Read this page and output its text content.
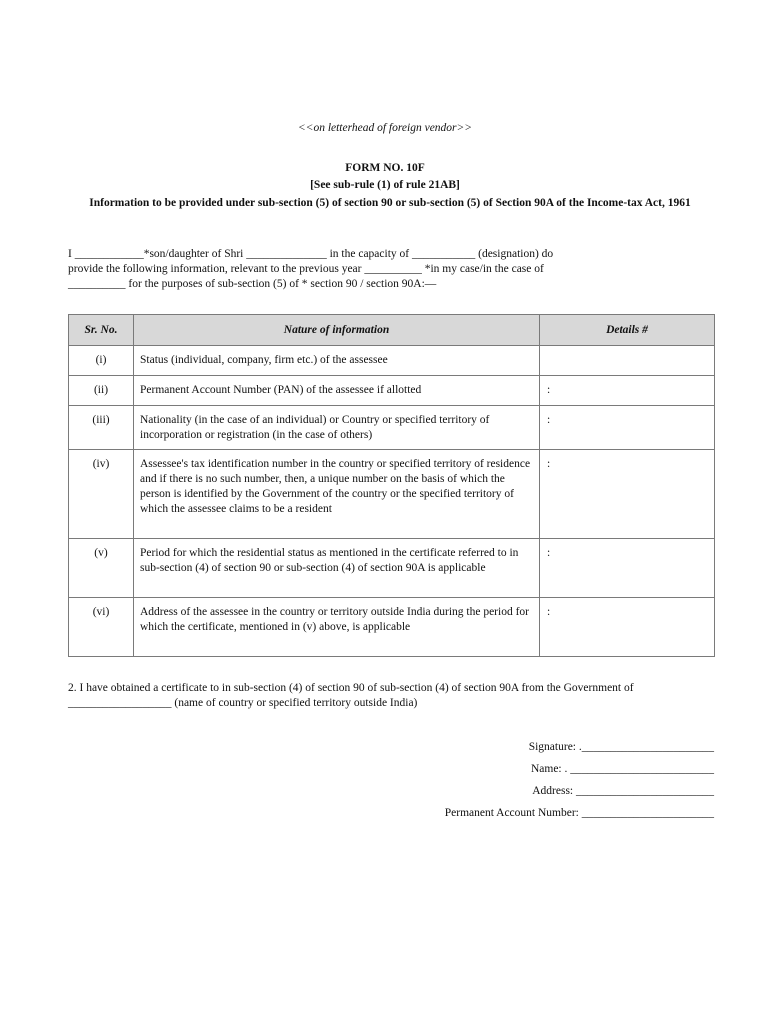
<<on letterhead of foreign vendor>>
FORM NO. 10F
[See sub-rule (1) of rule 21AB]
Information to be provided under sub-section (5) of section 90 or sub-section (5) of Section 90A of the Income-tax Act, 1961
I ____________*son/daughter of Shri ______________ in the capacity of ___________ (designation) do
provide the following information, relevant to the previous year __________ *in my case/in the case of
__________ for the purposes of sub-section (5) of * section 90 / section 90A:—
Sr. No.	Nature of information	Details #
(i)	Status (individual, company, firm etc.) of the assessee	
(ii)	Permanent Account Number (PAN) of the assessee if allotted	:
(iii)	Nationality (in the case of an individual) or Country or specified territory of incorporation or registration (in the case of others)	:
(iv)	Assessee's tax identification number in the country or specified territory of residence and if there is no such number, then, a unique number on the basis of which the person is identified by the Government of the country or the specified territory of which the assessee claims to be a resident	:
(v)	Period for which the residential status as mentioned in the certificate referred to in sub-section (4) of section 90 or sub-section (4) of section 90A is applicable	:
(vi)	Address of the assessee in the country or territory outside India during the period for which the certificate, mentioned in (v) above, is applicable	:
2. I have obtained a certificate to in sub-section (4) of section 90 of sub-section (4) of section 90A from the Government of __________________ (name of country or specified territory outside India)
Signature: ._______________________
Name: . _________________________
Address: ________________________
Permanent Account Number: _______________________
